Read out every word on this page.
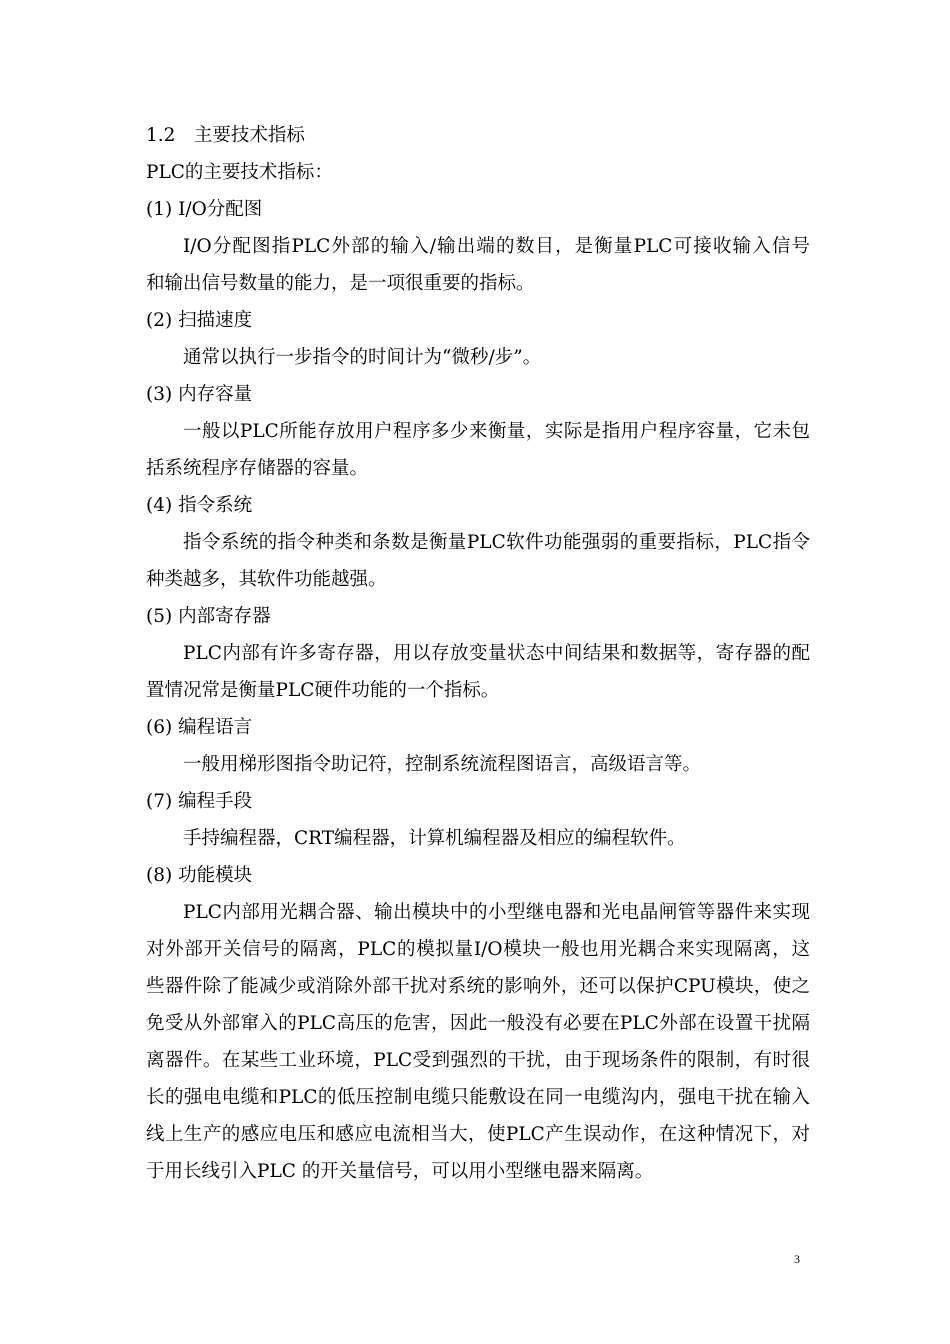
1.2　主要技术指标

PLC的主要技术指标：

(1) I/O分配图

I/O分配图指PLC外部的输入/输出端的数目，是衡量PLC可接收输入信号

和输出信号数量的能力，是一项很重要的指标。

(2) 扫描速度

通常以执行一步指令的时间计为“微秒/步”。

(3) 内存容量

一般以PLC所能存放用户程序多少来衡量，实际是指用户程序容量，它未包

括系统程序存储器的容量。

(4) 指令系统

指令系统的指令种类和条数是衡量PLC软件功能强弱的重要指标，PLC指令

种类越多，其软件功能越强。

(5) 内部寄存器

PLC内部有许多寄存器，用以存放变量状态中间结果和数据等，寄存器的配

置情况常是衡量PLC硬件功能的一个指标。

(6) 编程语言

一般用梯形图指令助记符，控制系统流程图语言，高级语言等。

(7) 编程手段

手持编程器，CRT编程器，计算机编程器及相应的编程软件。

(8) 功能模块

PLC内部用光耦合器、输出模块中的小型继电器和光电晶闸管等器件来实现

对外部开关信号的隔离，PLC的模拟量I/O模块一般也用光耦合来实现隔离，这

些器件除了能减少或消除外部干扰对系统的影响外，还可以保护CPU模块，使之

免受从外部窜入的PLC高压的危害，因此一般没有必要在PLC外部在设置干扰隔

离器件。在某些工业环境，PLC受到强烈的干扰，由于现场条件的限制，有时很

长的强电电缆和PLC的低压控制电缆只能敷设在同一电缆沟内，强电干扰在输入

线上生产的感应电压和感应电流相当大，使PLC产生误动作，在这种情况下，对

于用长线引入PLC 的开关量信号，可以用小型继电器来隔离。

3
